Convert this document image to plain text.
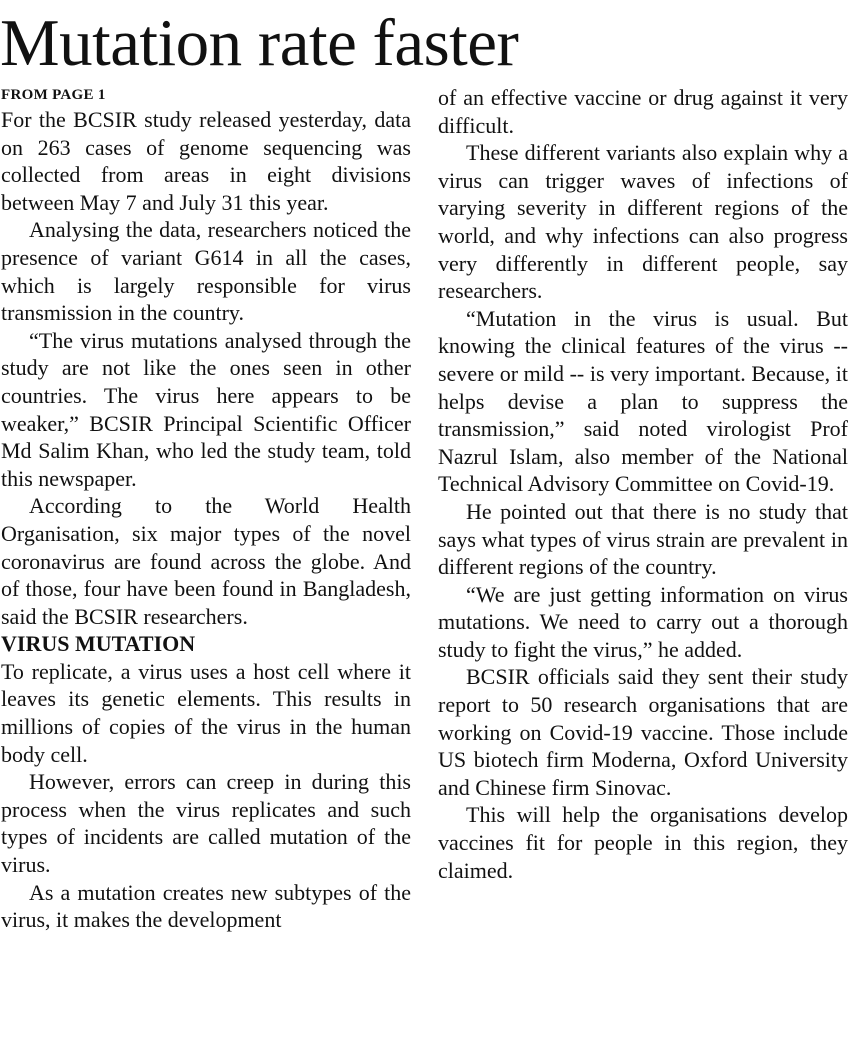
Mutation rate faster
FROM PAGE 1

For the BCSIR study released yesterday, data on 263 cases of genome sequencing was collected from areas in eight divisions between May 7 and July 31 this year.

Analysing the data, researchers noticed the presence of variant G614 in all the cases, which is largely responsible for virus transmission in the country.

“The virus mutations analysed through the study are not like the ones seen in other countries. The virus here appears to be weaker,” BCSIR Principal Scientific Officer Md Salim Khan, who led the study team, told this newspaper.

According to the World Health Organisation, six major types of the novel coronavirus are found across the globe. And of those, four have been found in Bangladesh, said the BCSIR researchers.

VIRUS MUTATION

To replicate, a virus uses a host cell where it leaves its genetic elements. This results in millions of copies of the virus in the human body cell.

However, errors can creep in during this process when the virus replicates and such types of incidents are called mutation of the virus.

As a mutation creates new subtypes of the virus, it makes the development

of an effective vaccine or drug against it very difficult.

These different variants also explain why a virus can trigger waves of infections of varying severity in different regions of the world, and why infections can also progress very differently in different people, say researchers.

“Mutation in the virus is usual. But knowing the clinical features of the virus -- severe or mild -- is very important. Because, it helps devise a plan to suppress the transmission,” said noted virologist Prof Nazrul Islam, also member of the National Technical Advisory Committee on Covid-19.

He pointed out that there is no study that says what types of virus strain are prevalent in different regions of the country.

“We are just getting information on virus mutations. We need to carry out a thorough study to fight the virus,” he added.

BCSIR officials said they sent their study report to 50 research organisations that are working on Covid-19 vaccine. Those include US biotech firm Moderna, Oxford University and Chinese firm Sinovac.

This will help the organisations develop vaccines fit for people in this region, they claimed.
